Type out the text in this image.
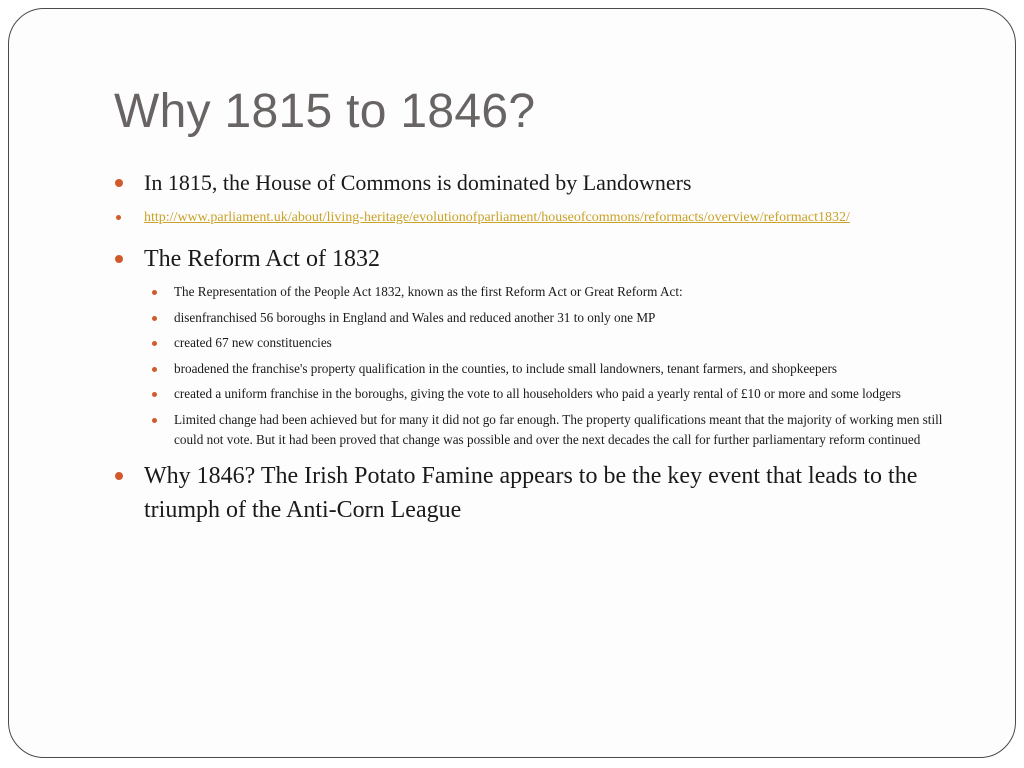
Why 1815 to 1846?
In 1815, the House of Commons is dominated by Landowners
http://www.parliament.uk/about/living-heritage/evolutionofparliament/houseofcommons/reformacts/overview/reformact1832/
The Reform Act of 1832
The Representation of the People Act 1832, known as the first Reform Act or Great Reform Act:
disenfranchised 56 boroughs in England and Wales and reduced another 31 to only one MP
created 67 new constituencies
broadened the franchise's property qualification in the counties, to include small landowners, tenant farmers, and shopkeepers
created a uniform franchise in the boroughs, giving the vote to all householders who paid a yearly rental of £10 or more and some lodgers
Limited change had been achieved but for many it did not go far enough. The property qualifications meant that the majority of working men still could not vote. But it had been proved that change was possible and over the next decades the call for further parliamentary reform continued
Why 1846? The Irish Potato Famine appears to be the key event that leads to the triumph of the Anti-Corn League
